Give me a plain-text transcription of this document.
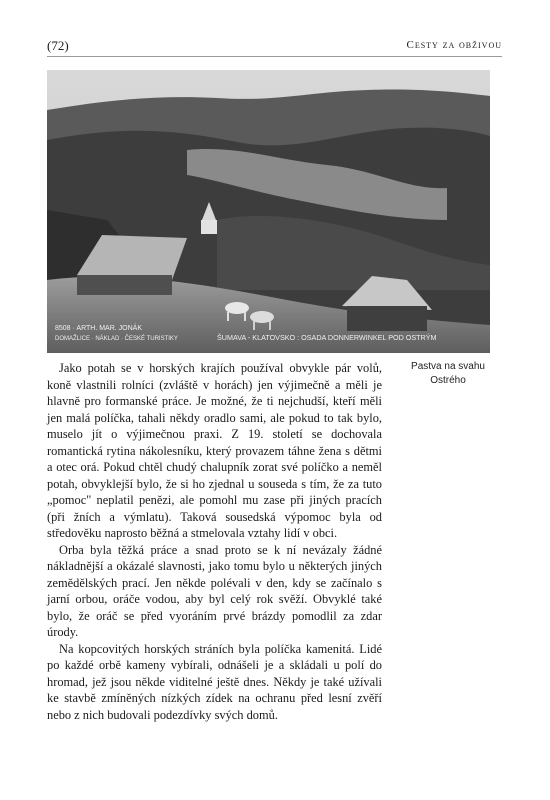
(72)	Cesty za obživou
8508 · ARTH. MAR. JONÁK
DOMAŽLICE · NÁKLAD · ČESKÉ TURISTIKY	ŠUMAVA - KLATOVSKO : OSADA DONNERWINKEL POD OSTRÝM
Pastva na svahu
Ostrého

Jako potah se v horských krajích používal obvykle pár volů, koně vlastnili rolníci (zvláště v horách) jen výjimečně a měli je hlavně pro formanské práce. Je možné, že ti nejchudší, kteří měli jen malá políčka, tahali někdy oradlo sami, ale pokud to tak bylo, muselo jít o výjimečnou praxi. Z 19. století se dochovala romantická rytina nákolesníku, který provazem táhne žena s dětmi a otec orá. Pokud chtěl chudý chalupník zorat své políčko a neměl potah, obvyklejší bylo, že si ho zjednal u souseda s tím, že za tuto „pomoc" neplatil penězi, ale pomohl mu zase při jiných pracích (při žních a výmlatu). Taková sousedská výpomoc byla od středověku naprosto běžná a stmelovala vztahy lidí v obci.

Orba byla těžká práce a snad proto se k ní nevázaly žádné nákladnější a okázalé slavnosti, jako tomu bylo u některých jiných zemědělských prací. Jen někde polévali v den, kdy se začínalo s jarní orbou, oráče vodou, aby byl celý rok svěží. Obvyklé také bylo, že oráč se před vyoráním prvé brázdy pomodlil za zdar úrody.

Na kopcovitých horských stráních byla políčka kamenitá. Lidé po každé orbě kameny vybírali, odnášeli je a skládali u polí do hromad, jež jsou někde viditelné ještě dnes. Někdy je také užívali ke stavbě zmíněných nízkých zídek na ochranu před lesní zvěří nebo z nich budovali podezdívky svých domů.
